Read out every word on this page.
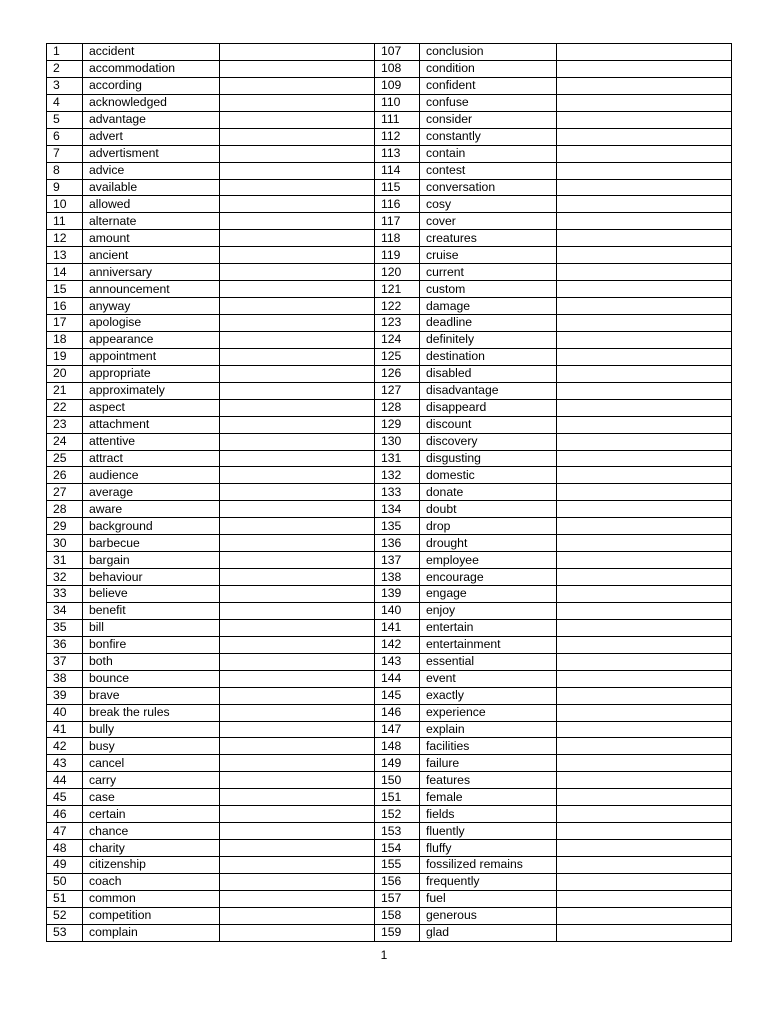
1	accident		107	conclusion	
2	accommodation		108	condition	
3	according		109	confident	
4	acknowledged		110	confuse	
5	advantage		111	consider	
6	advert		112	constantly	
7	advertisment		113	contain	
8	advice		114	contest	
9	available		115	conversation	
10	allowed		116	cosy	
11	alternate		117	cover	
12	amount		118	creatures	
13	ancient		119	cruise	
14	anniversary		120	current	
15	announcement		121	custom	
16	anyway		122	damage	
17	apologise		123	deadline	
18	appearance		124	definitely	
19	appointment		125	destination	
20	appropriate		126	disabled	
21	approximately		127	disadvantage	
22	aspect		128	disappeard	
23	attachment		129	discount	
24	attentive		130	discovery	
25	attract		131	disgusting	
26	audience		132	domestic	
27	average		133	donate	
28	aware		134	doubt	
29	background		135	drop	
30	barbecue		136	drought	
31	bargain		137	employee	
32	behaviour		138	encourage	
33	believe		139	engage	
34	benefit		140	enjoy	
35	bill		141	entertain	
36	bonfire		142	entertainment	
37	both		143	essential	
38	bounce		144	event	
39	brave		145	exactly	
40	break the rules		146	experience	
41	bully		147	explain	
42	busy		148	facilities	
43	cancel		149	failure	
44	carry		150	features	
45	case		151	female	
46	certain		152	fields	
47	chance		153	fluently	
48	charity		154	fluffy	
49	citizenship		155	fossilized remains	
50	coach		156	frequently	
51	common		157	fuel	
52	competition		158	generous	
53	complain		159	glad	
1
